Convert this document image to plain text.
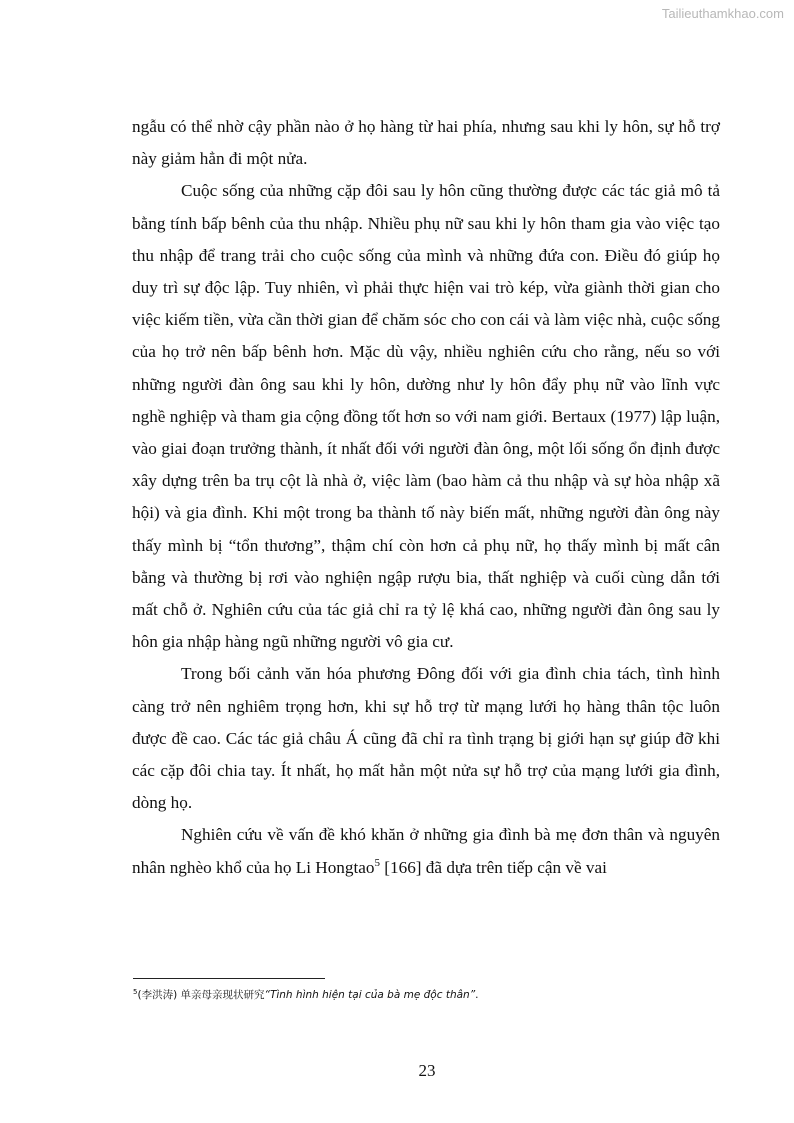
Tailieuthamkhao.com

ngẫu có thể nhờ cậy phần nào ở họ hàng từ hai phía, nhưng sau khi ly hôn, sự hỗ trợ này giảm hẳn đi một nửa.

Cuộc sống của những cặp đôi sau ly hôn cũng thường được các tác giả mô tả bằng tính bấp bênh của thu nhập. Nhiều phụ nữ sau khi ly hôn tham gia vào việc tạo thu nhập để trang trải cho cuộc sống của mình và những đứa con. Điều đó giúp họ duy trì sự độc lập. Tuy nhiên, vì phải thực hiện vai trò kép, vừa giành thời gian cho việc kiếm tiền, vừa cần thời gian để chăm sóc cho con cái và làm việc nhà, cuộc sống của họ trở nên bấp bênh hơn. Mặc dù vậy, nhiều nghiên cứu cho rằng, nếu so với những người đàn ông sau khi ly hôn, dường như ly hôn đẩy phụ nữ vào lĩnh vực nghề nghiệp và tham gia cộng đồng tốt hơn so với nam giới. Bertaux (1977) lập luận, vào giai đoạn trưởng thành, ít nhất đối với người đàn ông, một lối sống ổn định được xây dựng trên ba trụ cột là nhà ở, việc làm (bao hàm cả thu nhập và sự hòa nhập xã hội) và gia đình. Khi một trong ba thành tố này biến mất, những người đàn ông này thấy mình bị “tổn thương”, thậm chí còn hơn cả phụ nữ, họ thấy mình bị mất cân bằng và thường bị rơi vào nghiện ngập rượu bia, thất nghiệp và cuối cùng dẫn tới mất chỗ ở. Nghiên cứu của tác giả chỉ ra tỷ lệ khá cao, những người đàn ông sau ly hôn gia nhập hàng ngũ những người vô gia cư.

Trong bối cảnh văn hóa phương Đông đối với gia đình chia tách, tình hình càng trở nên nghiêm trọng hơn, khi sự hỗ trợ từ mạng lưới họ hàng thân tộc luôn được đề cao. Các tác giả châu Á cũng đã chỉ ra tình trạng bị giới hạn sự giúp đỡ khi các cặp đôi chia tay. Ít nhất, họ mất hẳn một nửa sự hỗ trợ của mạng lưới gia đình, dòng họ.

Nghiên cứu về vấn đề khó khăn ở những gia đình bà mẹ đơn thân và nguyên nhân nghèo khổ của họ Li Hongtao$^5$ [166] đã dựa trên tiếp cận về vai

$^5$(李洪涛) 单亲母亲现状研究“Tình hình hiện tại của bà mẹ độc thân”.
23
